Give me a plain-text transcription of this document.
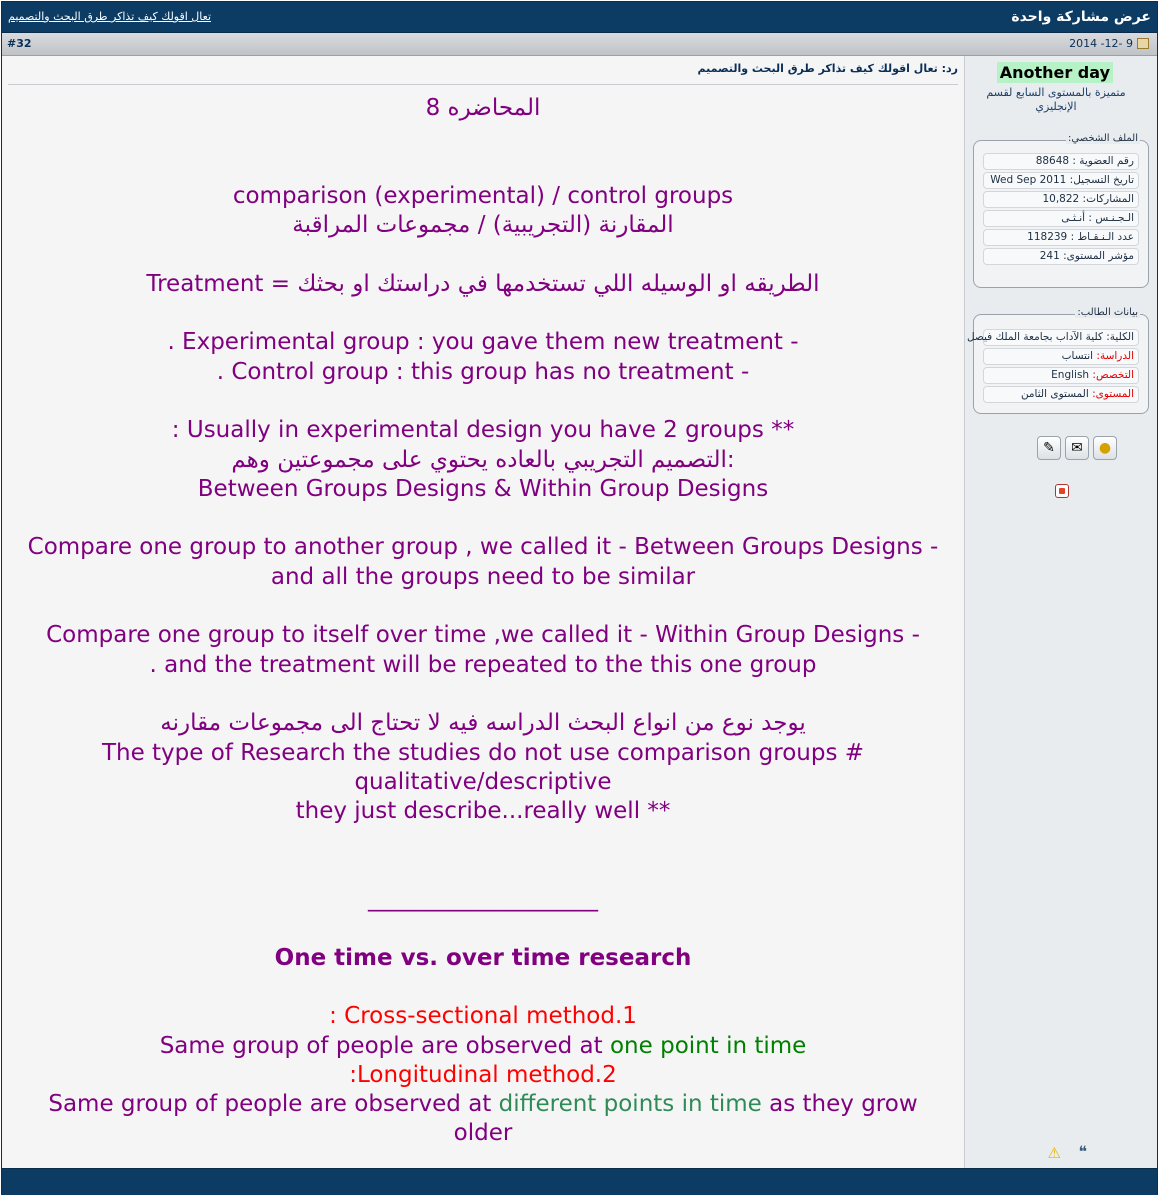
عرض مشاركة واحدة
تعال اقولك كيف تذاكر طرق البحث والتصميم
2014 -12- 9
#32
Another day
متميزة بالمستوى السابع لقسم الإنجليزي
الملف الشخصي:
رقم العضوية : 88648
تاريخ التسجيل: Wed Sep 2011
المشاركات: 10,822
الـجـنـس : أنـثـى
عدد الـنـقـاط : 118239
مؤشر المستوى: 241
بيانات الطالب:
الكلية: كلية الآداب بجامعة الملك فيصل
الدراسة: انتساب
التخصص: English
المستوى: المستوى الثامن
✎	✉	●
⚠ ❝
رد: تعال اقولك كيف تذاكر طرق البحث والتصميم
المحاضره 8
comparison (experimental) / control groups
المقارنة (التجريبية) / مجموعات المراقبة
Treatment = الطريقه او الوسيله اللي تستخدمها في دراستك او بحثك
. Experimental group : you gave them new treatment -
. Control group : this group has no treatment -
: Usually in experimental design you have 2 groups **
التصميم التجريبي بالعاده يحتوي على مجموعتين وهم:
Between Groups Designs & Within Group Designs
Compare one group to another group , we called it - Between Groups Designs -
and all the groups need to be similar
Compare one group to itself over time ,we called it - Within Group Designs -
. and the treatment will be repeated to the this one group
يوجد نوع من انواع البحث الدراسه فيه لا تحتاج الى مجموعات مقارنه
The type of Research the studies do not use comparison groups #
qualitative/descriptive
they just describe...really well **
____________________
One time vs. over time research
: Cross-sectional method.1
Same group of people are observed at one point in time
:Longitudinal method.2
Same group of people are observed at different points in time as they grow
older
